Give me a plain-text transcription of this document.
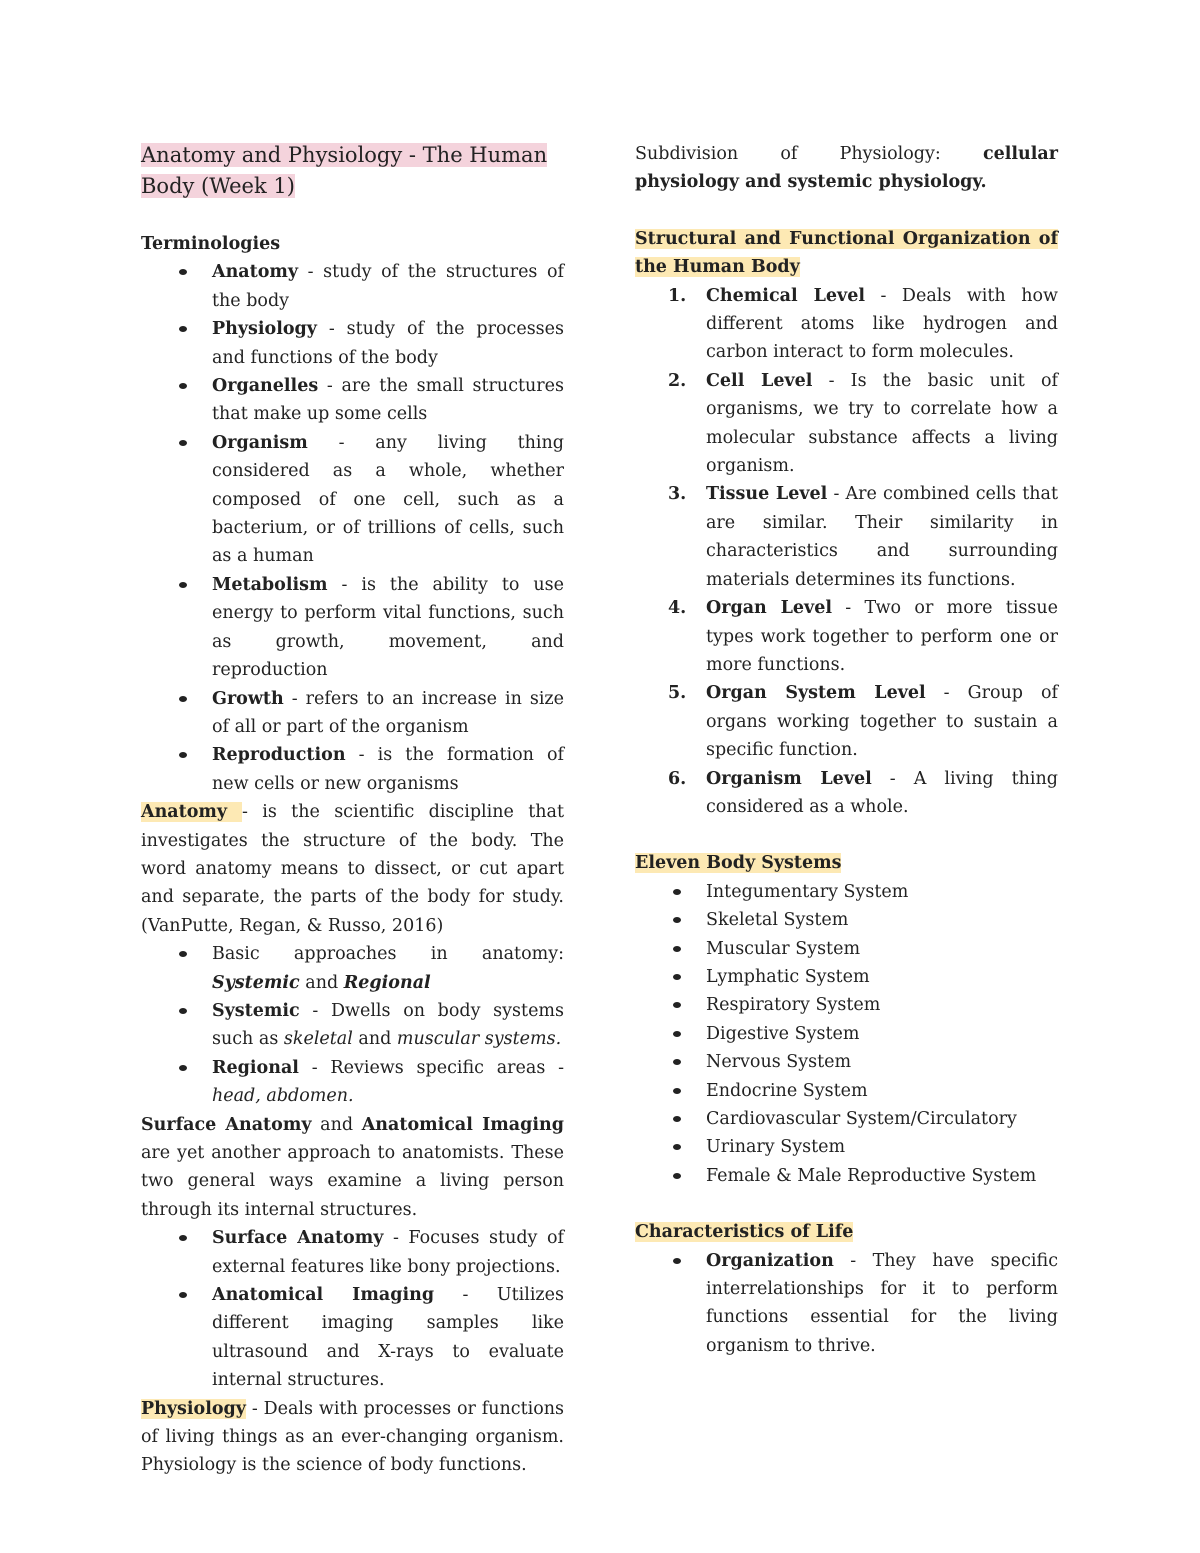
Anatomy and Physiology - The Human Body (Week 1)

Terminologies

Anatomy - study of the structures of the body
Physiology - study of the processes and functions of the body
Organelles - are the small structures that make up some cells
Organism - any living thing considered as a whole, whether composed of one cell, such as a bacterium, or of trillions of cells, such as a human
Metabolism - is the ability to use energy to perform vital functions, such as growth, movement, and reproduction
Growth - refers to an increase in size of all or part of the organism
Reproduction - is the formation of new cells or new organisms

Anatomy - is the scientific discipline that investigates the structure of the body. The word anatomy means to dissect, or cut apart and separate, the parts of the body for study. (VanPutte, Regan, & Russo, 2016)

Basic approaches in anatomy: Systemic and Regional
Systemic - Dwells on body systems such as skeletal and muscular systems.
Regional - Reviews specific areas - head, abdomen.

Surface Anatomy and Anatomical Imaging are yet another approach to anatomists. These two general ways examine a living person through its internal structures.

Surface Anatomy - Focuses study of external features like bony projections.
Anatomical Imaging - Utilizes different imaging samples like ultrasound and X-rays to evaluate internal structures.

Physiology - Deals with processes or functions of living things as an ever-changing organism. Physiology is the science of body functions.

Subdivision of Physiology: cellular physiology and systemic physiology.

Structural and Functional Organization of the Human Body

1. Chemical Level - Deals with how different atoms like hydrogen and carbon interact to form molecules.
2. Cell Level - Is the basic unit of organisms, we try to correlate how a molecular substance affects a living organism.
3. Tissue Level - Are combined cells that are similar. Their similarity in characteristics and surrounding materials determines its functions.
4. Organ Level - Two or more tissue types work together to perform one or more functions.
5. Organ System Level - Group of organs working together to sustain a specific function.
6. Organism Level - A living thing considered as a whole.

Eleven Body Systems

Integumentary System
Skeletal System
Muscular System
Lymphatic System
Respiratory System
Digestive System
Nervous System
Endocrine System
Cardiovascular System/Circulatory
Urinary System
Female & Male Reproductive System

Characteristics of Life

Organization - They have specific interrelationships for it to perform functions essential for the living organism to thrive.
